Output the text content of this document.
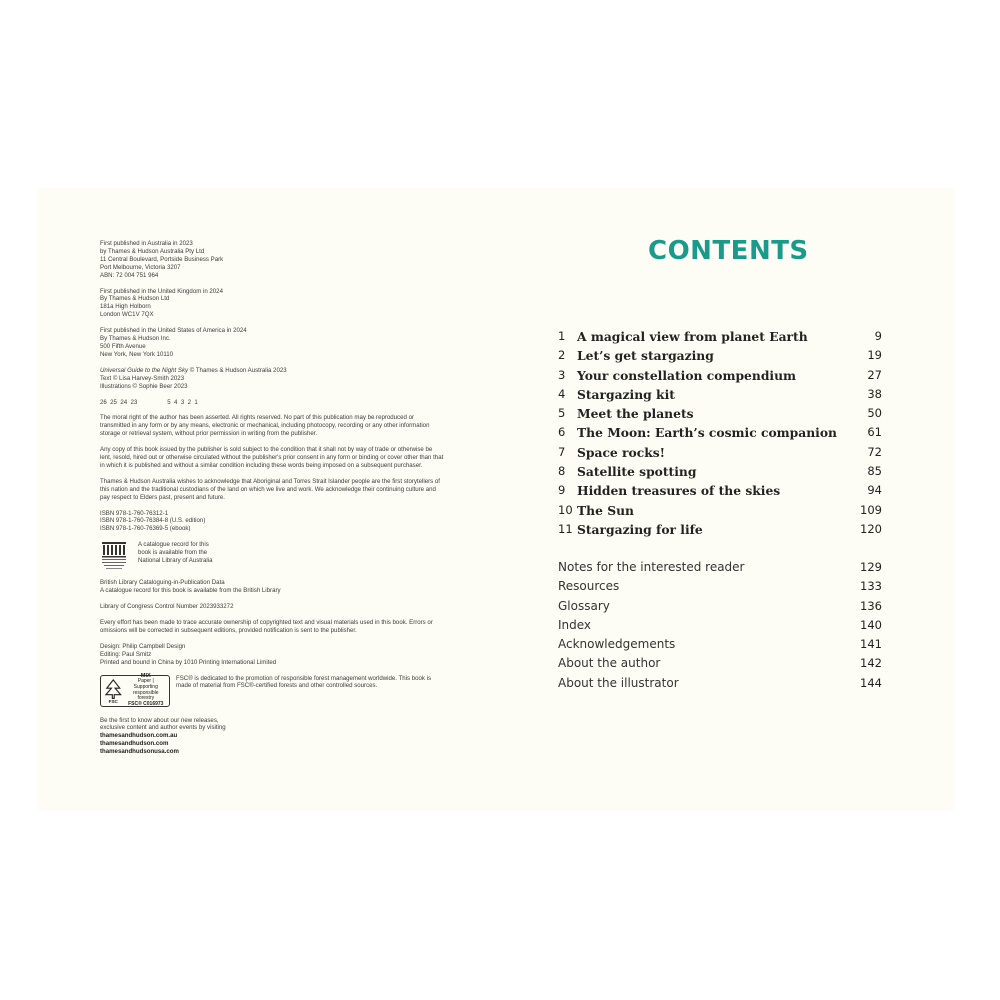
First published in Australia in 2023
by Thames & Hudson Australia Pty Ltd
11 Central Boulevard, Portside Business Park
Port Melbourne, Victoria 3207
ABN: 72 004 751 964
First published in the United Kingdom in 2024
By Thames & Hudson Ltd
181a High Holborn
London WC1V 7QX
First published in the United States of America in 2024
By Thames & Hudson Inc.
500 Fifth Avenue
New York, New York 10110
Universal Guide to the Night Sky © Thames & Hudson Australia 2023
Text © Lisa Harvey-Smith 2023
Illustrations © Sophie Beer 2023
26  25  24  23	5  4  3  2  1
The moral right of the author has been asserted. All rights reserved. No part of this publication may be reproduced or transmitted in any form or by any means, electronic or mechanical, including photocopy, recording or any other information storage or retrieval system, without prior permission in writing from the publisher.
Any copy of this book issued by the publisher is sold subject to the condition that it shall not by way of trade or otherwise be lent, resold, hired out or otherwise circulated without the publisher's prior consent in any form or binding or cover other than that in which it is published and without a similar condition including these words being imposed on a subsequent purchaser.
Thames & Hudson Australia wishes to acknowledge that Aboriginal and Torres Strait Islander people are the first storytellers of this nation and the traditional custodians of the land on which we live and work. We acknowledge their continuing culture and pay respect to Elders past, present and future.
ISBN 978-1-760-76312-1
ISBN 978-1-760-76384-8 (U.S. edition)
ISBN 978-1-760-76369-5 (ebook)
A catalogue record for this
book is available from the
National Library of Australia
British Library Cataloguing-in-Publication Data
A catalogue record for this book is available from the British Library
Library of Congress Control Number 2023933272
Every effort has been made to trace accurate ownership of copyrighted text and visual materials used in this book. Errors or omissions will be corrected in subsequent editions, provided notification is sent to the publisher.
Design: Philip Campbell Design
Editing: Paul Smitz
Printed and bound in China by 1010 Printing International Limited
FSC
MIX
Paper | Supporting
responsible forestry
FSC® C016973
FSC® is dedicated to the promotion of responsible forest management worldwide. This book is made of material from FSC®-certified forests and other controlled sources.
Be the first to know about our new releases,
exclusive content and author events by visiting
thamesandhudson.com.au
thamesandhudson.com
thamesandhudsonusa.com
CONTENTS
1 A magical view from planet Earth	9
2 Let’s get stargazing	19
3 Your constellation compendium	27
4 Stargazing kit	38
5 Meet the planets	50
6 The Moon: Earth’s cosmic companion	61
7 Space rocks!	72
8 Satellite spotting	85
9 Hidden treasures of the skies	94
10 The Sun	109
11 Stargazing for life	120
Notes for the interested reader	129
Resources	133
Glossary	136
Index	140
Acknowledgements	141
About the author	142
About the illustrator	144
